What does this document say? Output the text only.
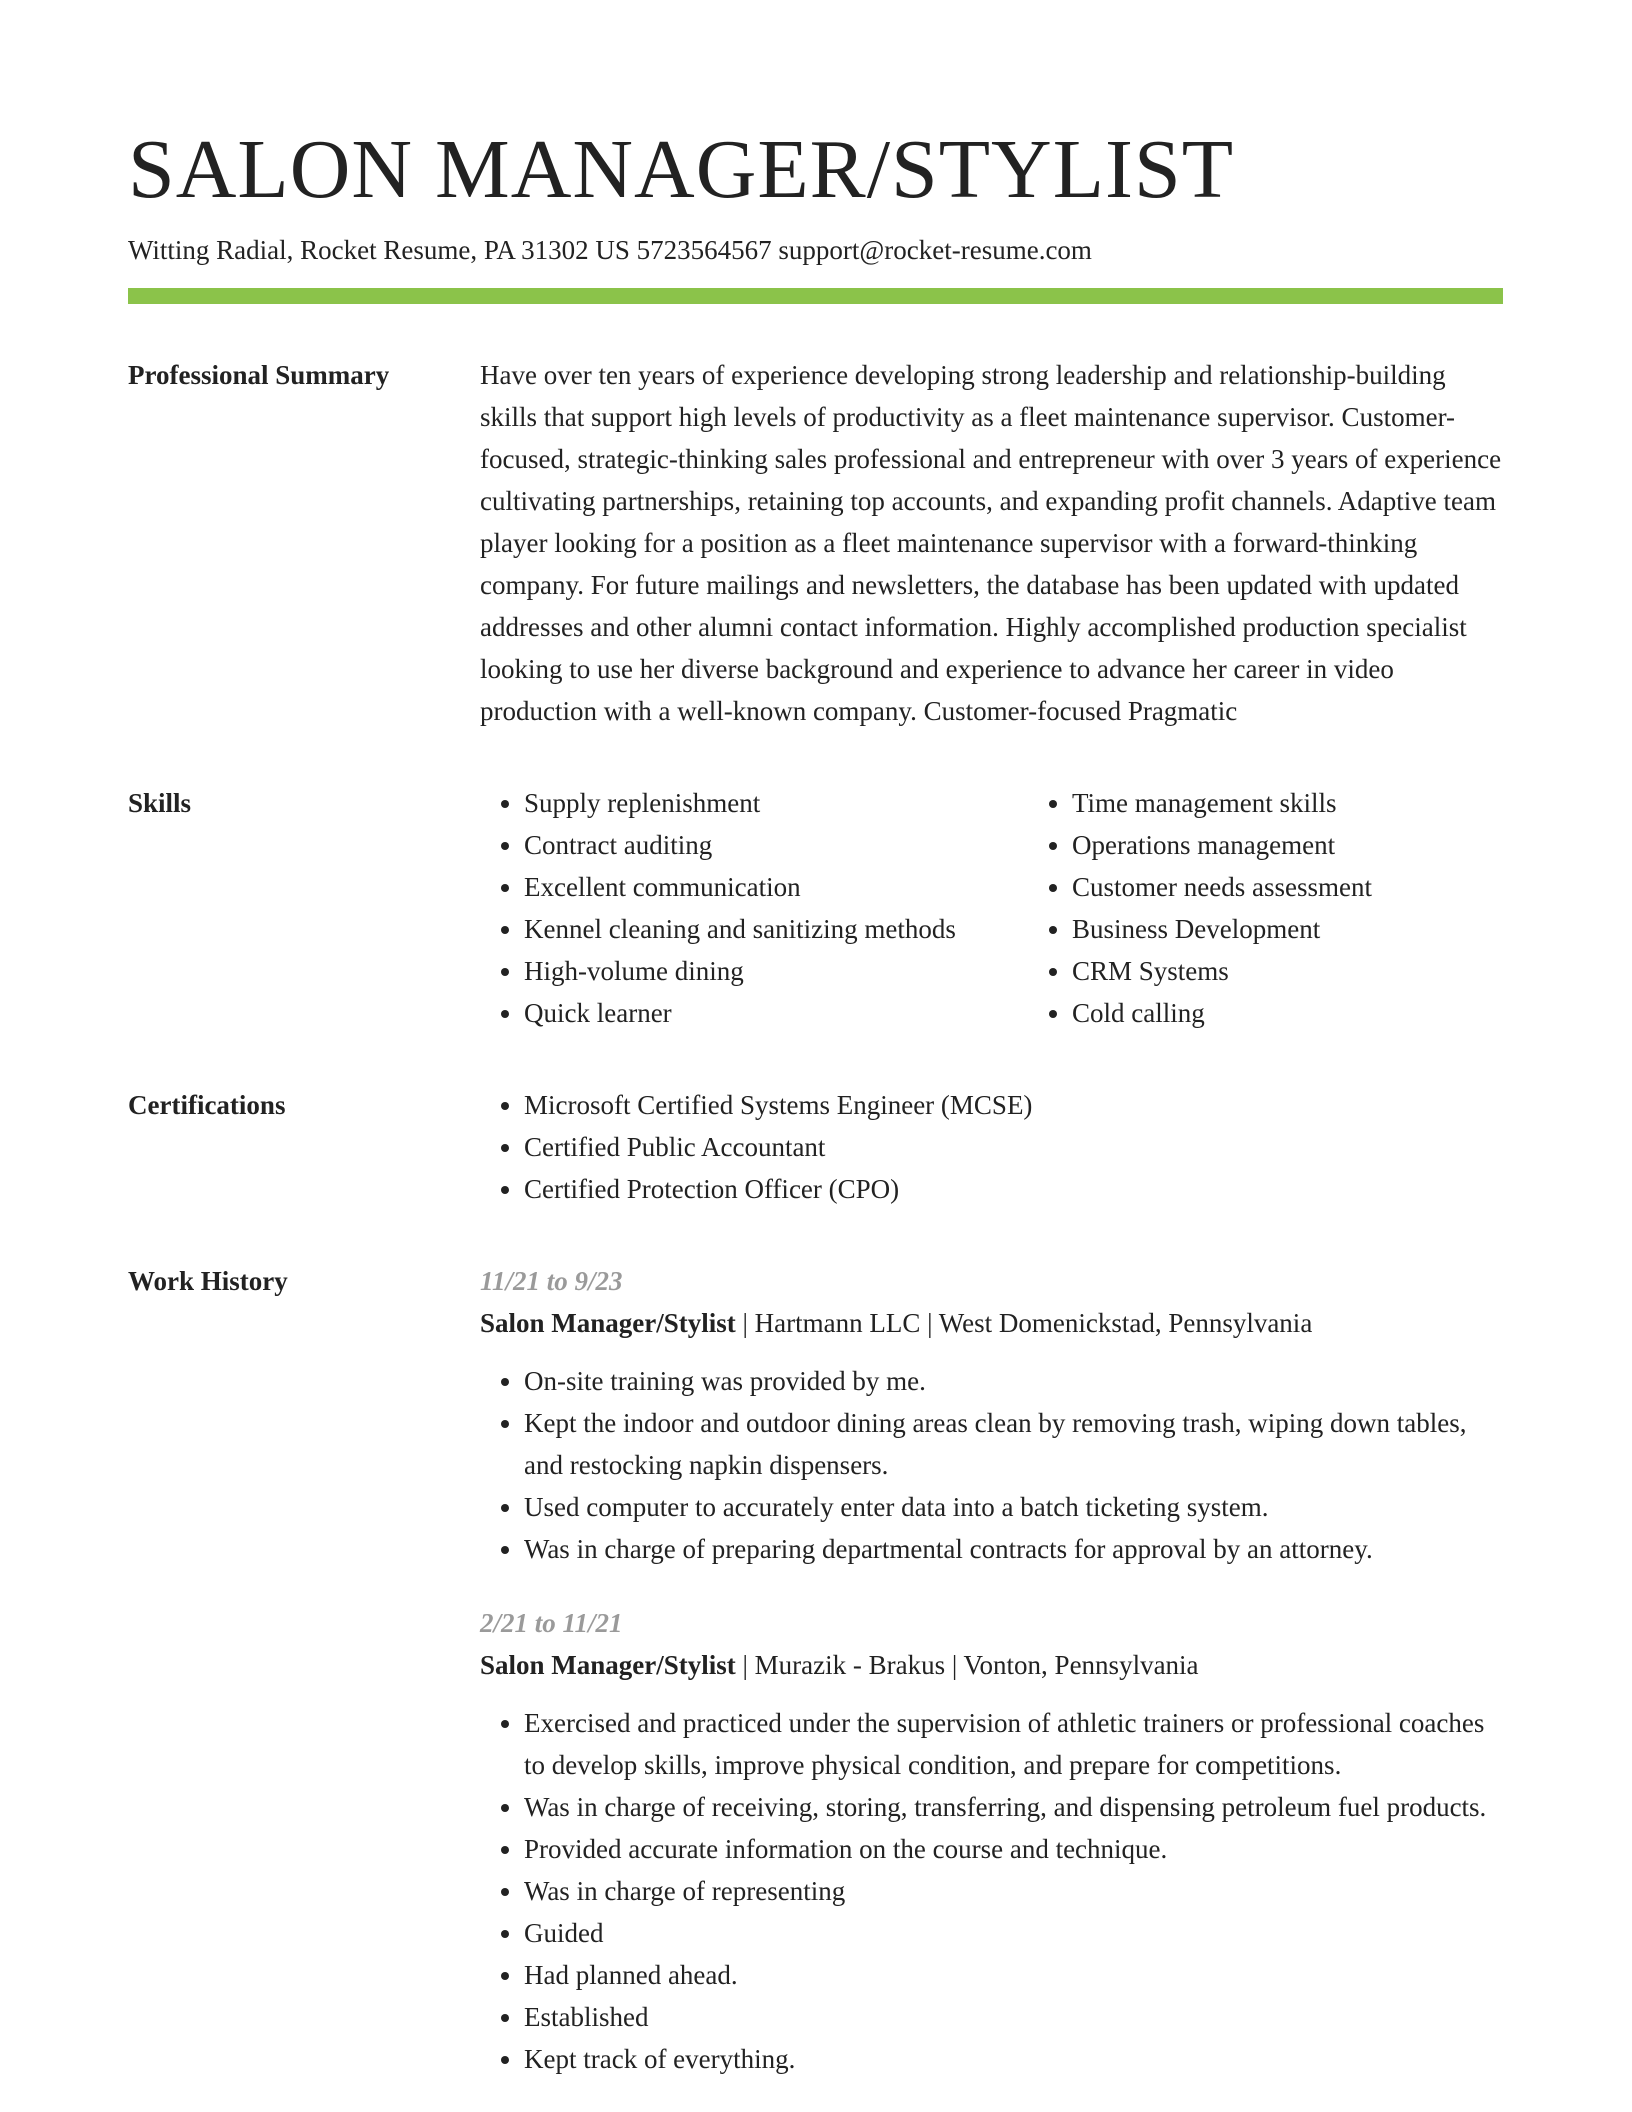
SALON MANAGER/STYLIST
Witting Radial, Rocket Resume, PA 31302 US 5723564567 support@rocket-resume.com
Professional Summary	Have over ten years of experience developing strong leadership and relationship-building skills that support high levels of productivity as a fleet maintenance supervisor. Customer-focused, strategic-thinking sales professional and entrepreneur with over 3 years of experience cultivating partnerships, retaining top accounts, and expanding profit channels. Adaptive team player looking for a position as a fleet maintenance supervisor with a forward-thinking company. For future mailings and newsletters, the database has been updated with updated addresses and other alumni contact information. Highly accomplished production specialist looking to use her diverse background and experience to advance her career in video production with a well-known company. Customer-focused Pragmatic

Skills	• Supply replenishment
• Contract auditing
• Excellent communication
• Kennel cleaning and sanitizing methods
• High-volume dining
• Quick learner
• Time management skills
• Operations management
• Customer needs assessment
• Business Development
• CRM Systems
• Cold calling
Certifications	• Microsoft Certified Systems Engineer (MCSE)
• Certified Public Accountant
• Certified Protection Officer (CPO)
Work History	11/21 to 9/23
Salon Manager/Stylist | Hartmann LLC | West Domenickstad, Pennsylvania
• On-site training was provided by me.
• Kept the indoor and outdoor dining areas clean by removing trash, wiping down tables, and restocking napkin dispensers.
• Used computer to accurately enter data into a batch ticketing system.
• Was in charge of preparing departmental contracts for approval by an attorney.
2/21 to 11/21
Salon Manager/Stylist | Murazik - Brakus | Vonton, Pennsylvania
• Exercised and practiced under the supervision of athletic trainers or professional coaches to develop skills, improve physical condition, and prepare for competitions.
• Was in charge of receiving, storing, transferring, and dispensing petroleum fuel products.
• Provided accurate information on the course and technique.
• Was in charge of representing
• Guided
• Had planned ahead.
• Established
• Kept track of everything.
